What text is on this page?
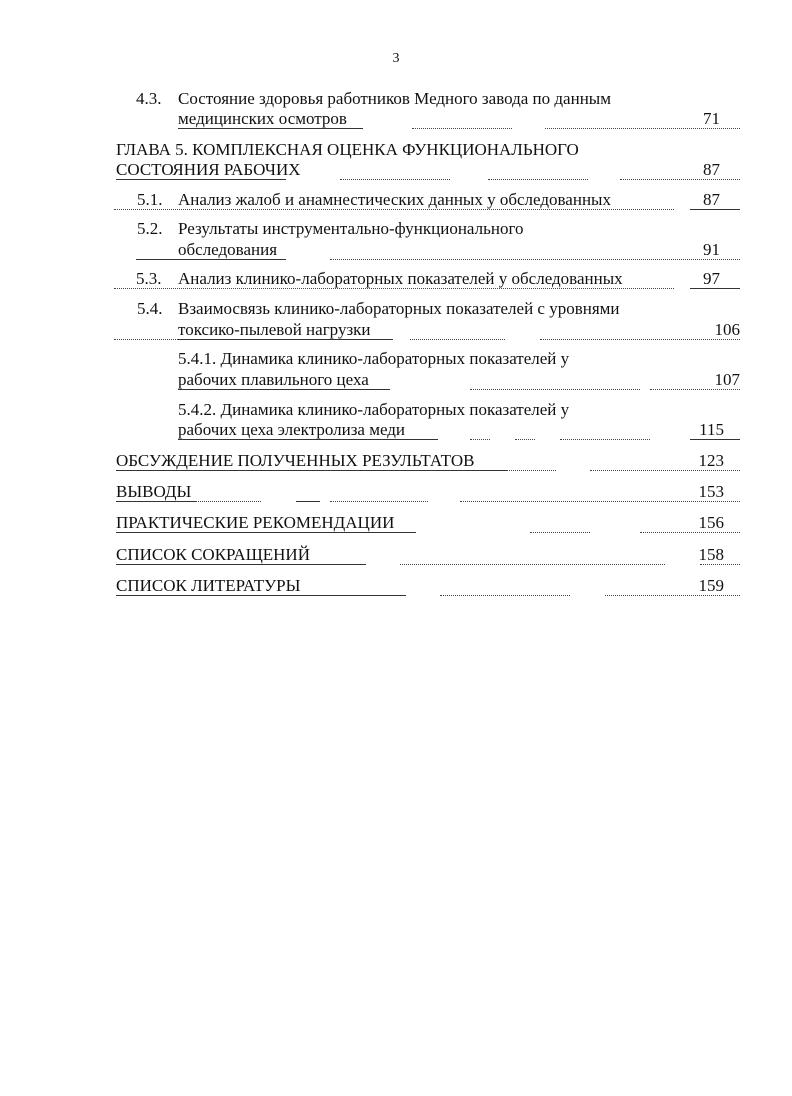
3
4.3. Состояние здоровья работников Медного завода по данным
медицинских осмотров	71
ГЛАВА 5. КОМПЛЕКСНАЯ ОЦЕНКА ФУНКЦИОНАЛЬНОГО
СОСТОЯНИЯ РАБОЧИХ	87
5.1. Анализ жалоб и анамнестических данных у обследованных	87
5.2. Результаты инструментально-функционального
обследования	91
5.3. Анализ клинико-лабораторных показателей у обследованных	97
5.4. Взаимосвязь клинико-лабораторных показателей с уровнями
токсико-пылевой нагрузки	106
5.4.1. Динамика клинико-лабораторных показателей у
рабочих плавильного цеха	107
5.4.2. Динамика клинико-лабораторных показателей у
рабочих цеха электролиза меди	115
ОБСУЖДЕНИЕ ПОЛУЧЕННЫХ РЕЗУЛЬТАТОВ	123
ВЫВОДЫ	153
ПРАКТИЧЕСКИЕ РЕКОМЕНДАЦИИ	156
СПИСОК СОКРАЩЕНИЙ	158
СПИСОК ЛИТЕРАТУРЫ	159
